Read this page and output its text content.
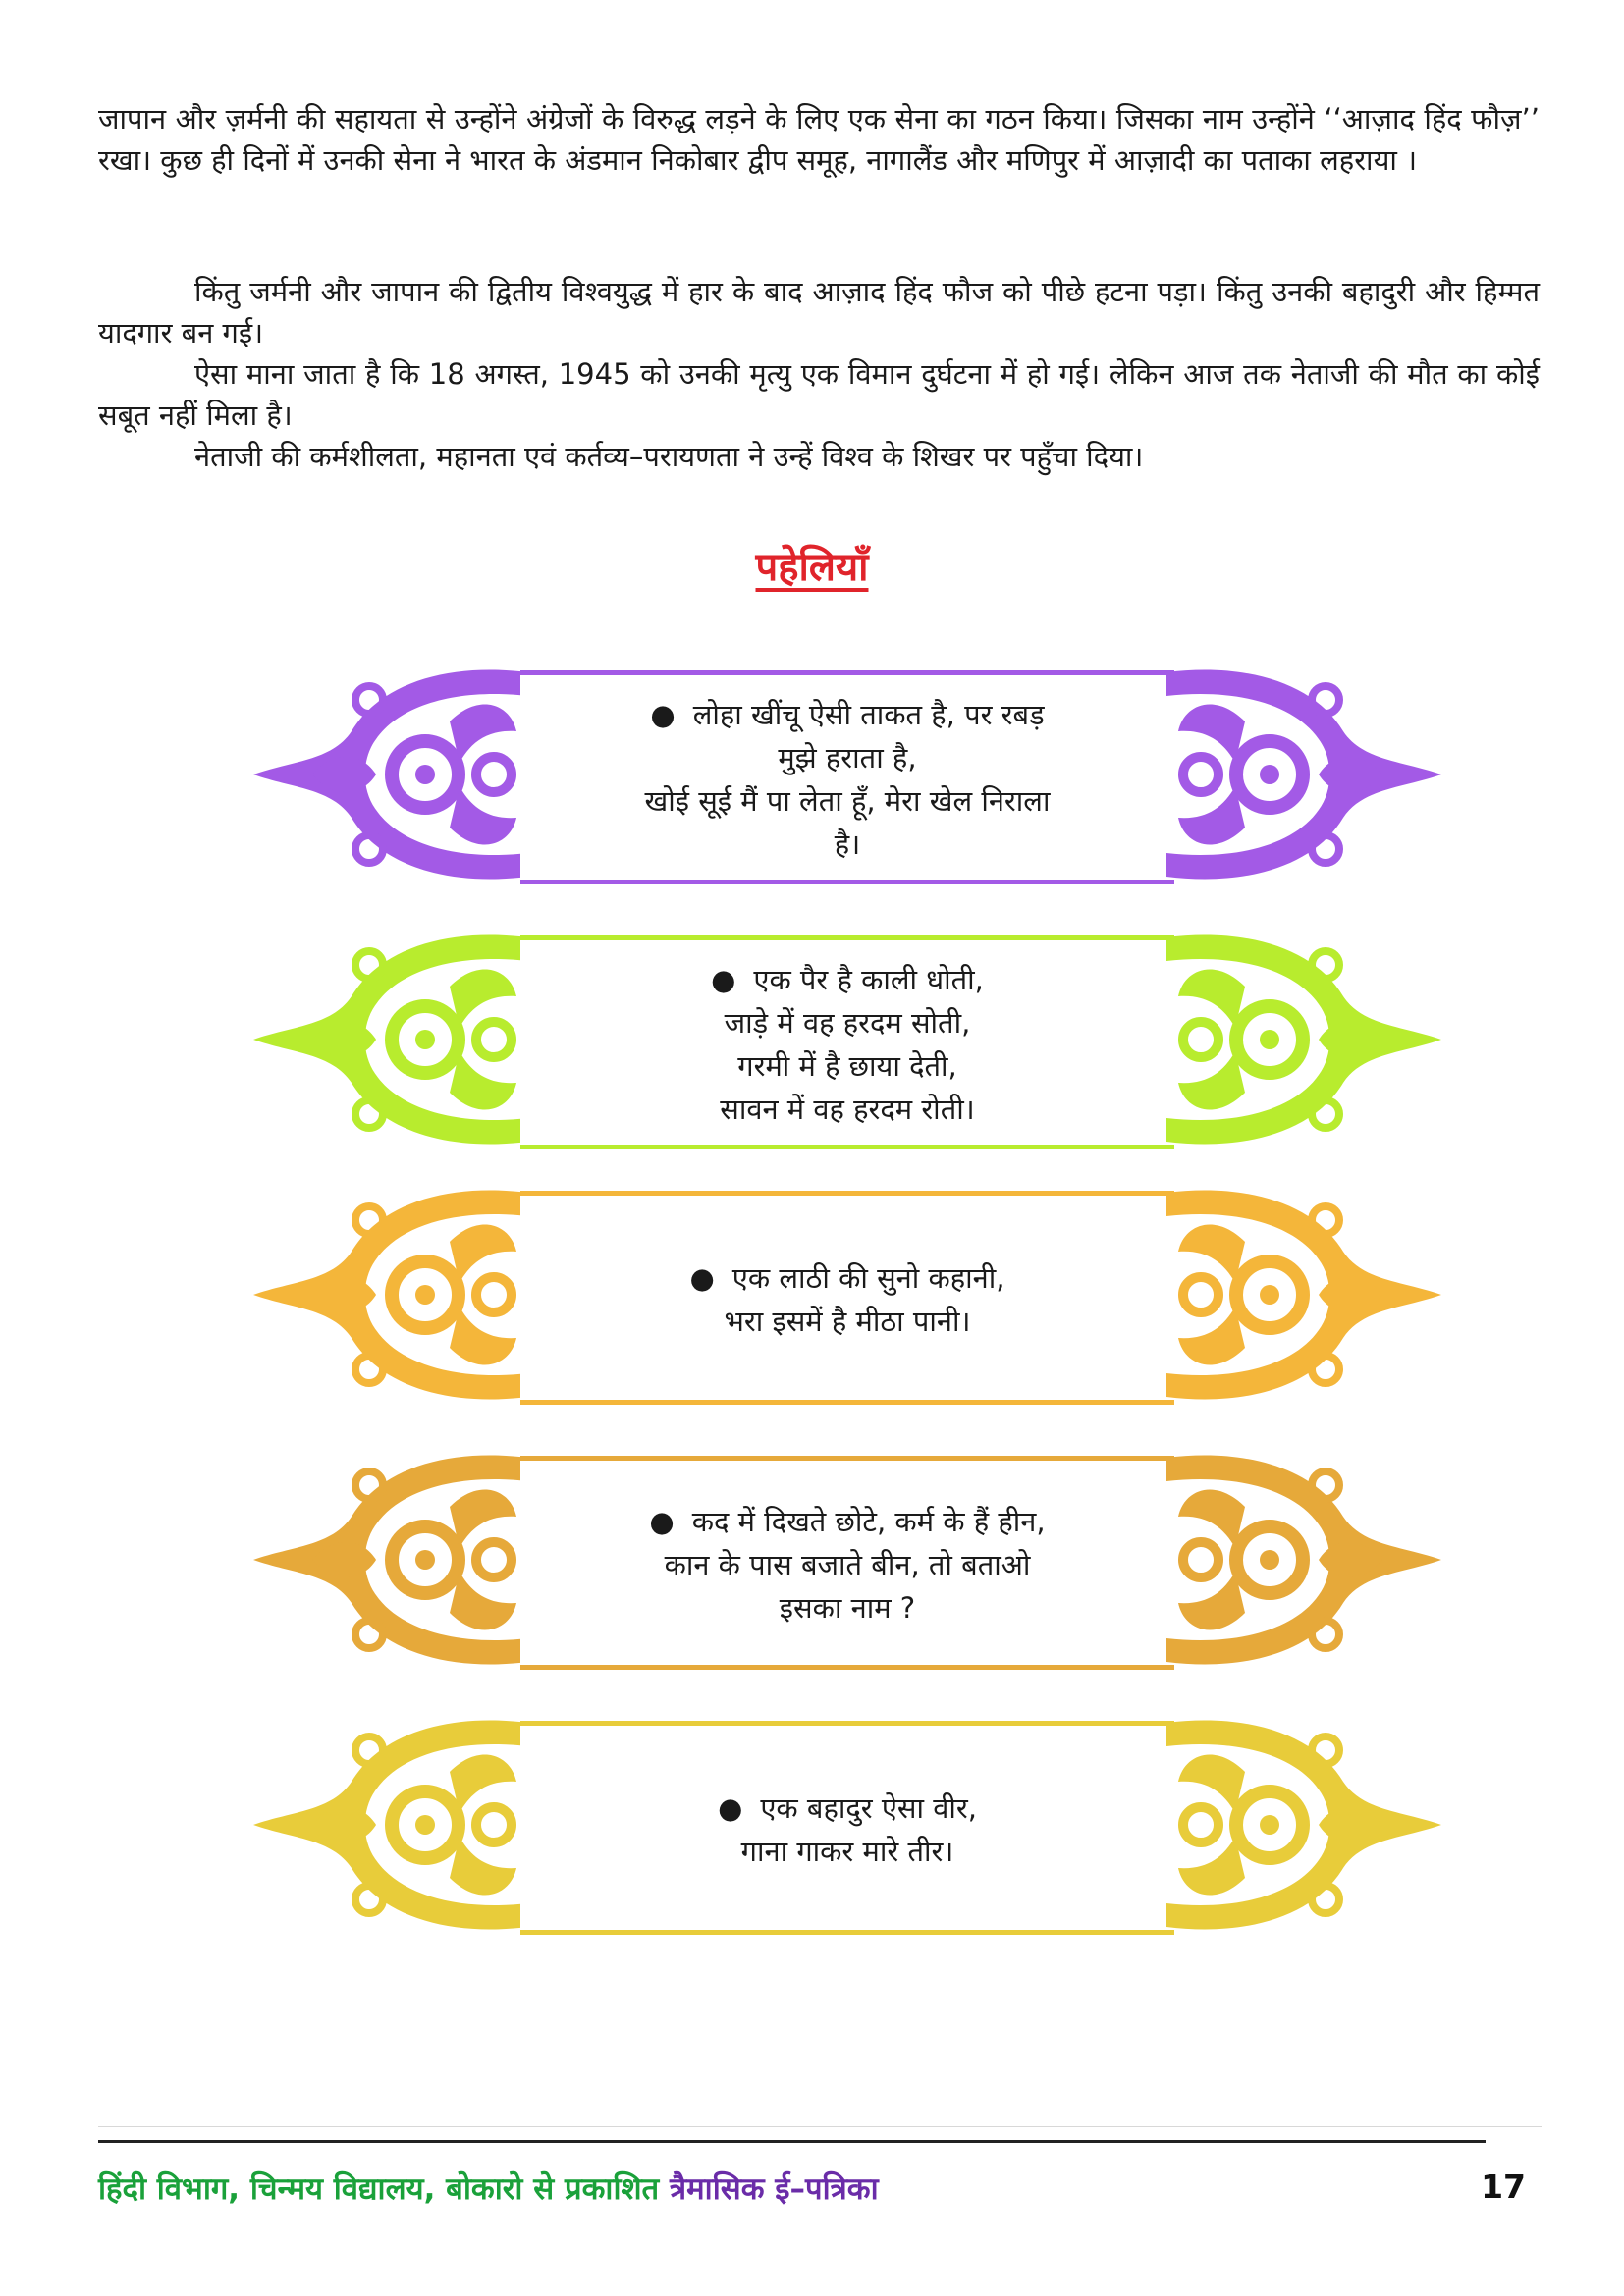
जापान और ज़र्मनी की सहायता से उन्होंने अंग्रेजों के विरुद्ध लड़ने के लिए एक सेना का गठन किया। जिसका नाम उन्होंने ‘‘आज़ाद हिंद फौज़’’ रखा। कुछ ही दिनों में उनकी सेना ने भारत के अंडमान निकोबार द्वीप समूह, नागालैंड और मणिपुर में आज़ादी का पताका लहराया ।

किंतु जर्मनी और जापान की द्वितीय विश्वयुद्ध में हार के बाद आज़ाद हिंद फौज को पीछे हटना पड़ा। किंतु उनकी बहादुरी और हिम्मत यादगार बन गई।

ऐसा माना जाता है कि 18 अगस्त, 1945 को उनकी मृत्यु एक विमान दुर्घटना में हो गई। लेकिन आज तक नेताजी की मौत का कोई सबूत नहीं मिला है।

नेताजी की कर्मशीलता, महानता एवं कर्तव्य–परायणता ने उन्हें विश्व के शिखर पर पहुँचा दिया।

पहेलियाँ
● लोहा खींचू ऐसी ताकत है, पर रबड़
मुझे हराता है,
खोई सूई मैं पा लेता हूँ, मेरा खेल निराला
है।
● एक पैर है काली धोती,
जाड़े में वह हरदम सोती,
गरमी में है छाया देती,
सावन में वह हरदम रोती।
● एक लाठी की सुनो कहानी,
भरा इसमें है मीठा पानी।
● कद में दिखते छोटे, कर्म के हैं हीन,
कान के पास बजाते बीन, तो बताओ
इसका नाम ?
● एक बहादुर ऐसा वीर,
गाना गाकर मारे तीर।
हिंदी विभाग, चिन्मय विद्यालय, बोकारो से प्रकाशित त्रैमासिक ई–पत्रिका	17
